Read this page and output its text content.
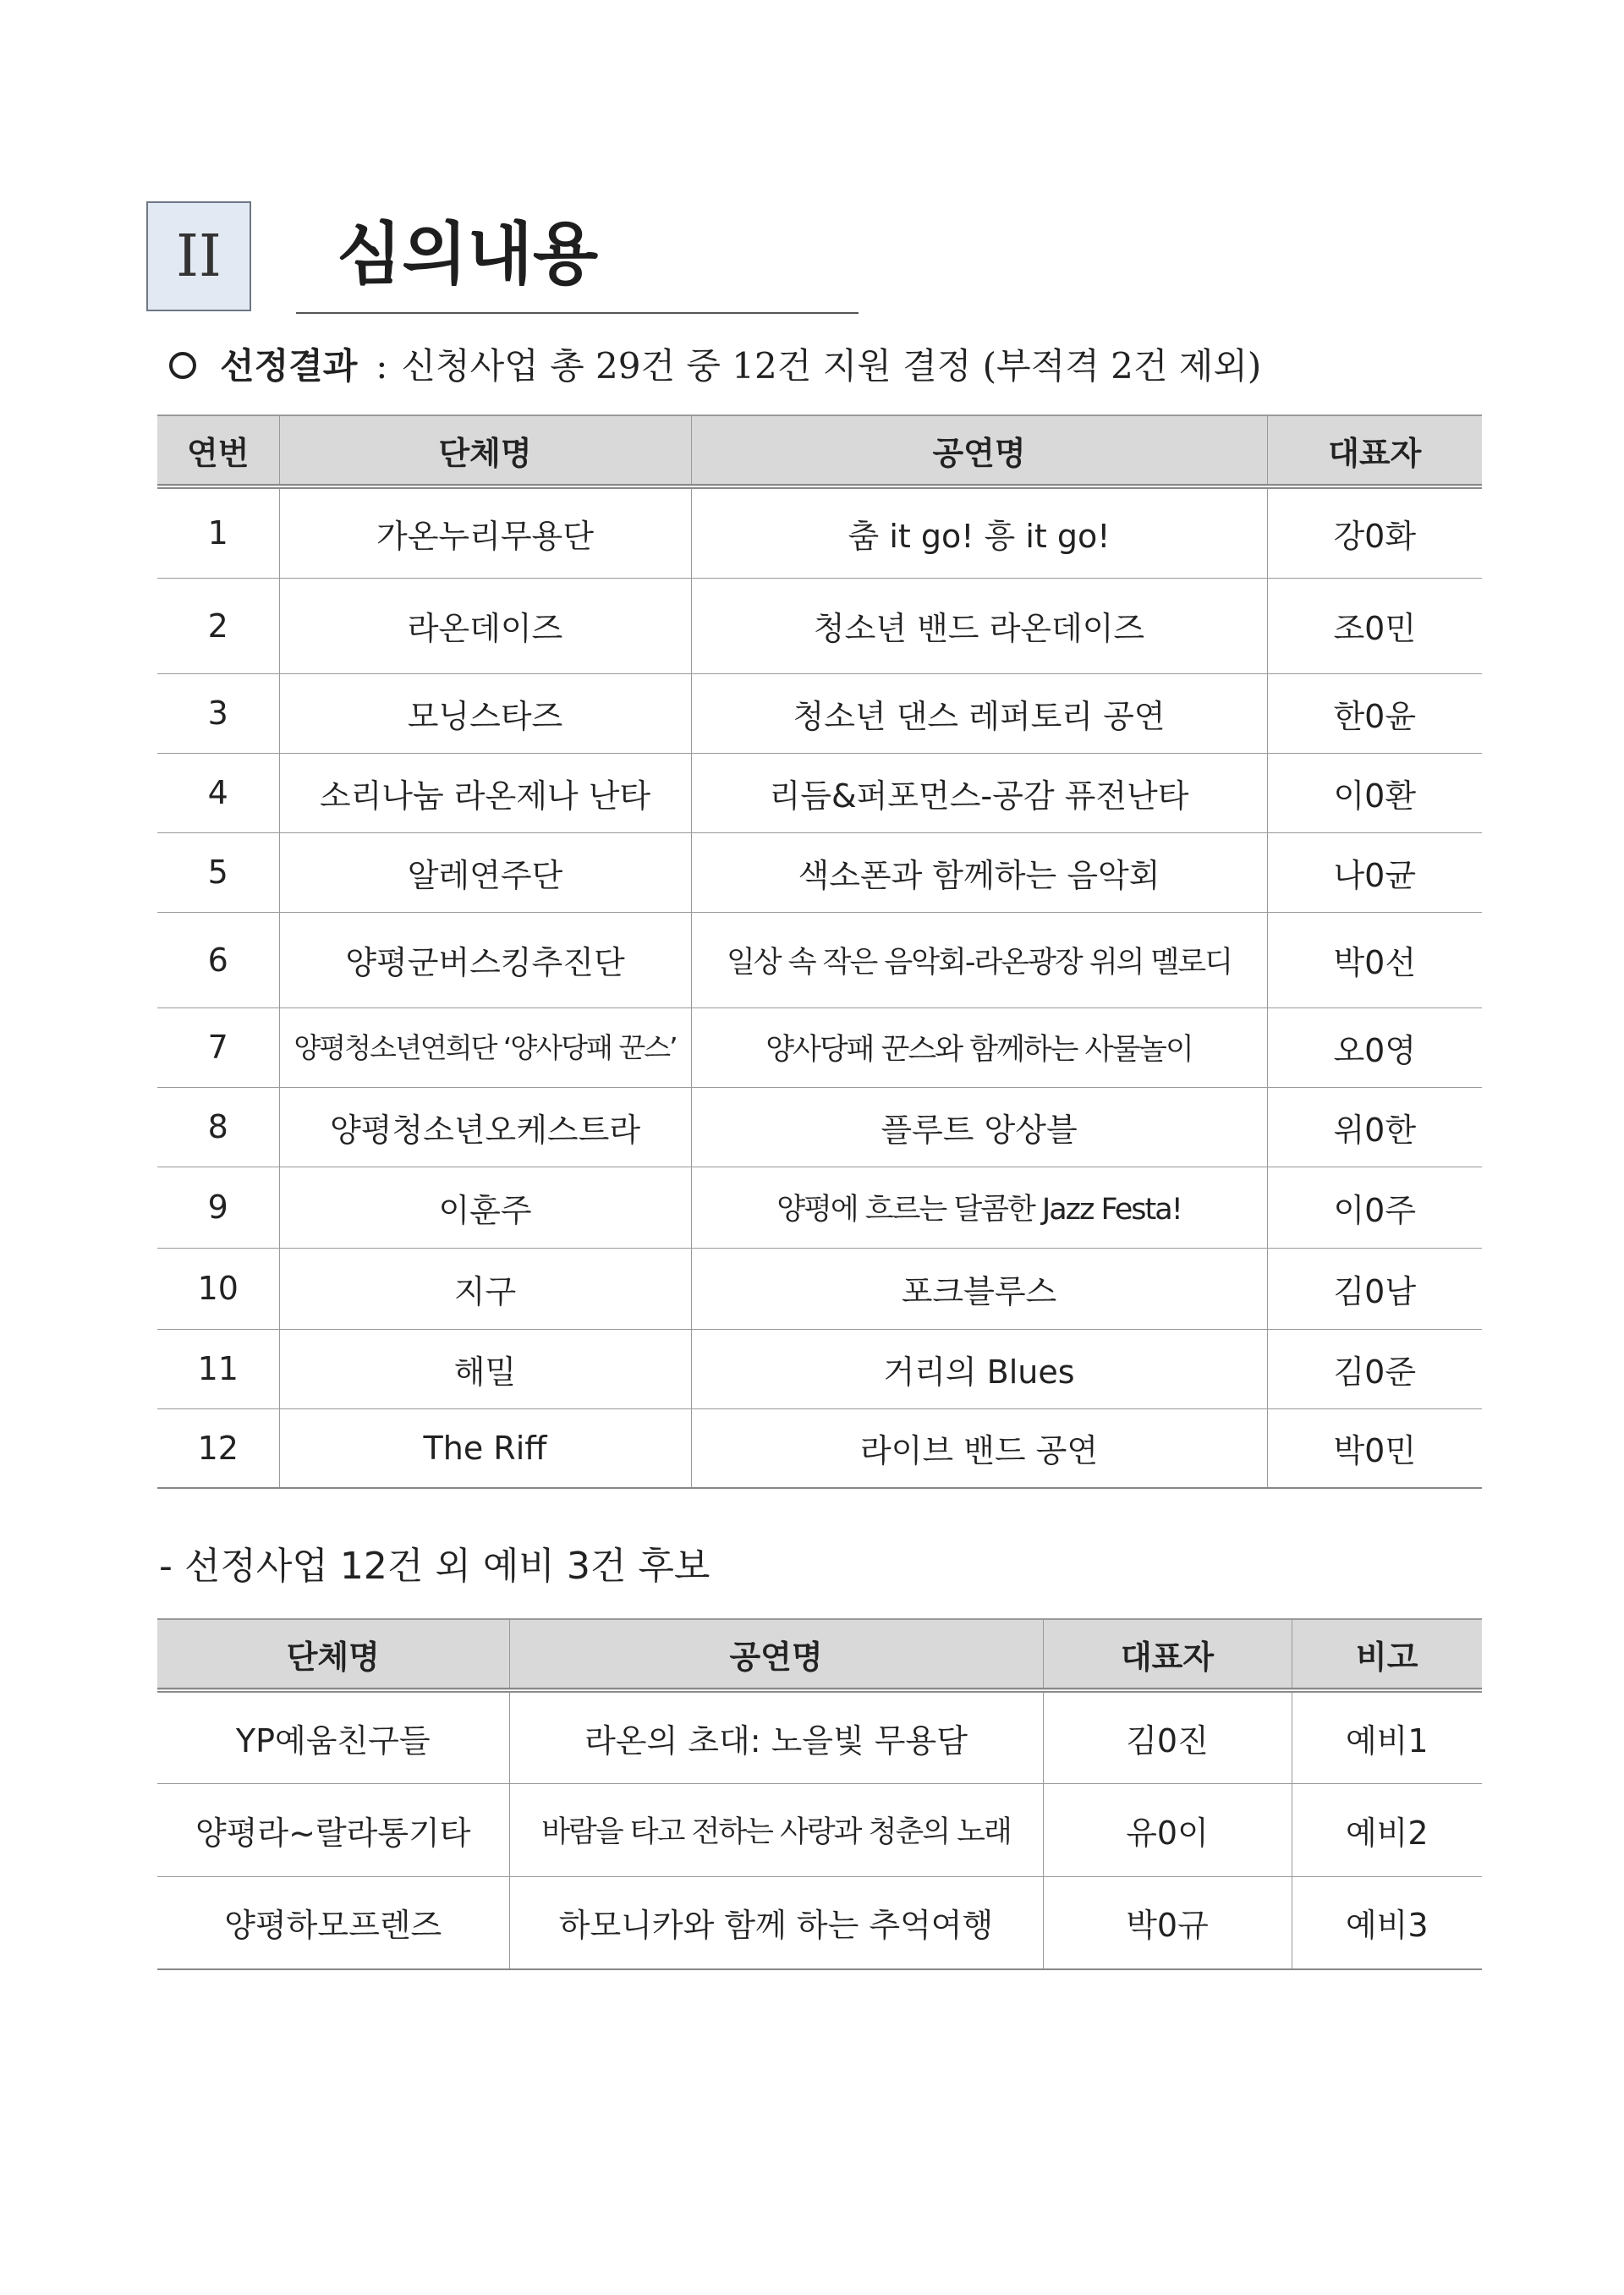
II 심의내용
선정결과 : 신청사업 총 29건 중 12건 지원 결정 (부적격 2건 제외)
연번	단체명	공연명	대표자
1	가온누리무용단	춤 it go! 흥 it go!	강0화
2	라온데이즈	청소년 밴드 라온데이즈	조0민
3	모닝스타즈	청소년 댄스 레퍼토리 공연	한0윤
4	소리나눔 라온제나 난타	리듬&퍼포먼스-공감 퓨전난타	이0환
5	알레연주단	색소폰과 함께하는 음악회	나0균
6	양평군버스킹추진단	일상 속 작은 음악회-라온광장 위의 멜로디	박0선
7	양평청소년연희단 ‘양사당패 꾼스’	양사당패 꾼스와 함께하는 사물놀이	오0영
8	양평청소년오케스트라	플루트 앙상블	위0한
9	이훈주	양평에 흐르는 달콤한 Jazz Festa!	이0주
10	지구	포크블루스	김0남
11	해밀	거리의 Blues	김0준
12	The Riff	라이브 밴드 공연	박0민
- 선정사업 12건 외 예비 3건 후보
단체명	공연명	대표자	비고
YP예움친구들	라온의 초대: 노을빛 무용담	김0진	예비1
양평라~랄라통기타	바람을 타고 전하는 사랑과 청춘의 노래	유0이	예비2
양평하모프렌즈	하모니카와 함께 하는 추억여행	박0규	예비3
